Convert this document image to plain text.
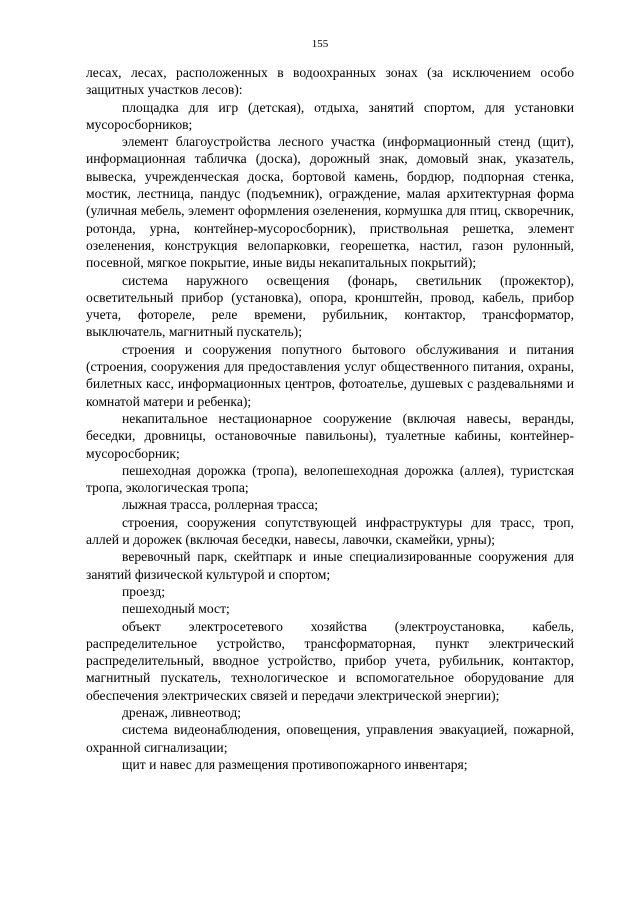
155

лесах, лесах, расположенных в водоохранных зонах (за исключением особо защитных участков лесов):

площадка для игр (детская), отдыха, занятий спортом, для установки мусоросборников;

элемент благоустройства лесного участка (информационный стенд (щит), информационная табличка (доска), дорожный знак, домовый знак, указатель, вывеска, учрежденческая доска, бортовой камень, бордюр, подпорная стенка, мостик, лестница, пандус (подъемник), ограждение, малая архитектурная форма (уличная мебель, элемент оформления озеленения, кормушка для птиц, скворечник, ротонда, урна, контейнер-мусоросборник), приствольная решетка, элемент озеленения, конструкция велопарковки, георешетка, настил, газон рулонный, посевной, мягкое покрытие, иные виды некапитальных покрытий);

система наружного освещения (фонарь, светильник (прожектор), осветительный прибор (установка), опора, кронштейн, провод, кабель, прибор учета, фотореле, реле времени, рубильник, контактор, трансформатор, выключатель, магнитный пускатель);

строения и сооружения попутного бытового обслуживания и питания (строения, сооружения для предоставления услуг общественного питания, охраны, билетных касс, информационных центров, фотоателье, душевых с раздевальнями и комнатой матери и ребенка);

некапитальное нестационарное сооружение (включая навесы, веранды, беседки, дровницы, остановочные павильоны), туалетные кабины, контейнер-мусоросборник;

пешеходная дорожка (тропа), велопешеходная дорожка (аллея), туристская тропа, экологическая тропа;

лыжная трасса, роллерная трасса;

строения, сооружения сопутствующей инфраструктуры для трасс, троп, аллей и дорожек (включая беседки, навесы, лавочки, скамейки, урны);

веревочный парк, скейтпарк и иные специализированные сооружения для занятий физической культурой и спортом;

проезд;

пешеходный мост;

объект электросетевого хозяйства (электроустановка, кабель, распределительное устройство, трансформаторная, пункт электрический распределительный, вводное устройство, прибор учета, рубильник, контактор, магнитный пускатель, технологическое и вспомогательное оборудование для обеспечения электрических связей и передачи электрической энергии);

дренаж, ливнеотвод;

система видеонаблюдения, оповещения, управления эвакуацией, пожарной, охранной сигнализации;

щит и навес для размещения противопожарного инвентаря;
